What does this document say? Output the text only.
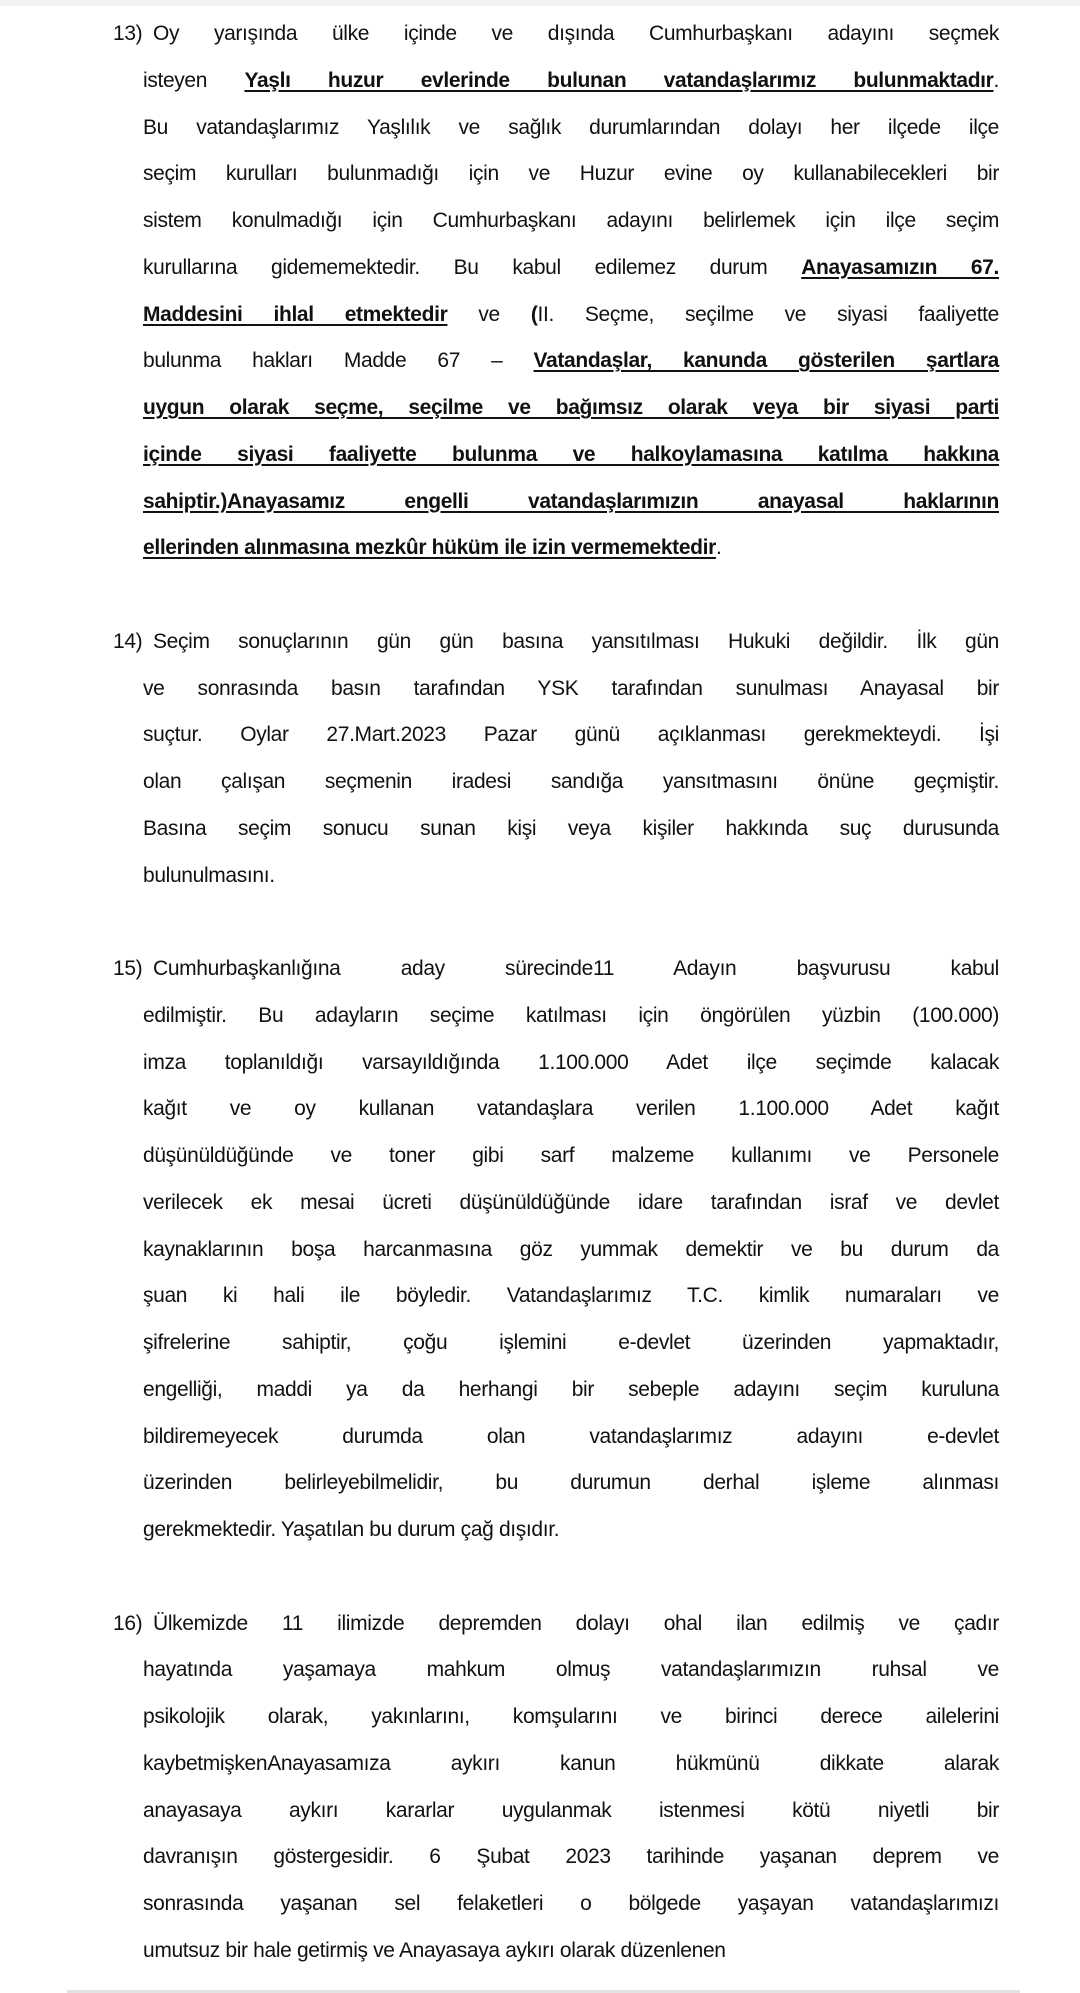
13) Oy yarışında ülke içinde ve dışında Cumhurbaşkanı adayını seçmek
isteyen Yaşlı huzur evlerinde bulunan vatandaşlarımız bulunmaktadır.
Bu vatandaşlarımız Yaşlılık ve sağlık durumlarından dolayı her ilçede ilçe
seçim kurulları bulunmadığı için ve Huzur evine oy kullanabilecekleri bir
sistem konulmadığı için Cumhurbaşkanı adayını belirlemek için ilçe seçim
kurullarına gidememektedir. Bu kabul edilemez durum Anayasamızın 67.
Maddesini ihlal etmektedir ve (II. Seçme, seçilme ve siyasi faaliyette
bulunma hakları Madde 67 – Vatandaşlar, kanunda gösterilen şartlara
uygun olarak seçme, seçilme ve bağımsız olarak veya bir siyasi parti
içinde siyasi faaliyette bulunma ve halkoylamasına katılma hakkına
sahiptir.)Anayasamız engelli vatandaşlarımızın anayasal haklarının
ellerinden alınmasına mezkûr hüküm ile izin vermemektedir.
14) Seçim sonuçlarının gün gün basına yansıtılması Hukuki değildir. İlk gün
ve sonrasında basın tarafından YSK tarafından sunulması Anayasal bir
suçtur. Oylar 27.Mart.2023 Pazar günü açıklanması gerekmekteydi. İşi
olan çalışan seçmenin iradesi sandığa yansıtmasını önüne geçmiştir.
Basına seçim sonucu sunan kişi veya kişiler hakkında suç durusunda
bulunulmasını.
15) Cumhurbaşkanlığına aday sürecinde11 Adayın başvurusu kabul
edilmiştir. Bu adayların seçime katılması için öngörülen yüzbin (100.000)
imza toplanıldığı varsayıldığında 1.100.000 Adet ilçe seçimde kalacak
kağıt ve oy kullanan vatandaşlara verilen 1.100.000 Adet kağıt
düşünüldüğünde ve toner gibi sarf malzeme kullanımı ve Personele
verilecek ek mesai ücreti düşünüldüğünde idare tarafından israf ve devlet
kaynaklarının boşa harcanmasına göz yummak demektir ve bu durum da
şuan ki hali ile böyledir. Vatandaşlarımız T.C. kimlik numaraları ve
şifrelerine sahiptir, çoğu işlemini e-devlet üzerinden yapmaktadır,
engelliği, maddi ya da herhangi bir sebeple adayını seçim kuruluna
bildiremeyecek durumda olan vatandaşlarımız adayını e-devlet
üzerinden belirleyebilmelidir, bu durumun derhal işleme alınması
gerekmektedir. Yaşatılan bu durum çağ dışıdır.
16) Ülkemizde 11 ilimizde depremden dolayı ohal ilan edilmiş ve çadır
hayatında yaşamaya mahkum olmuş vatandaşlarımızın ruhsal ve
psikolojik olarak, yakınlarını, komşularını ve birinci derece ailelerini
kaybetmişkenAnayasamıza aykırı kanun hükmünü dikkate alarak
anayasaya aykırı kararlar uygulanmak istenmesi kötü niyetli bir
davranışın göstergesidir. 6 Şubat 2023 tarihinde yaşanan deprem ve
sonrasında yaşanan sel felaketleri o bölgede yaşayan vatandaşlarımızı
umutsuz bir hale getirmiş ve Anayasaya aykırı olarak düzenlenen
